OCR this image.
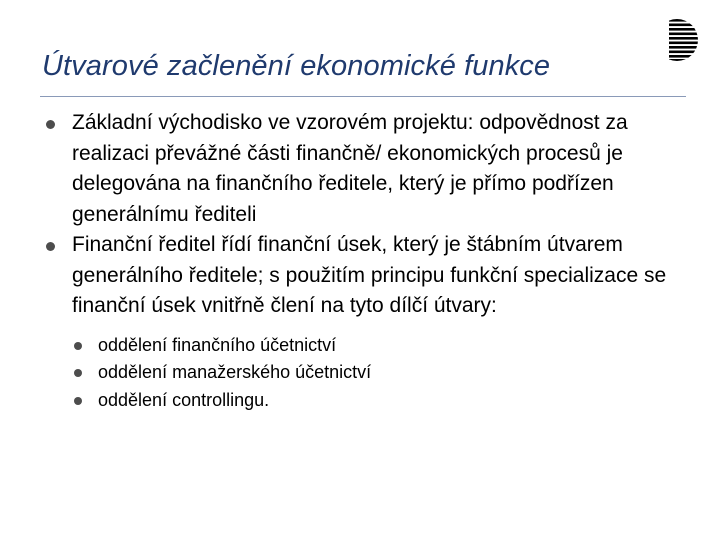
Útvarové začlenění ekonomické funkce
Základní východisko ve vzorovém projektu: odpovědnost za realizaci převážné části finančně/ ekonomických procesů je delegována na finančního ředitele, který je přímo podřízen generálnímu řediteli
Finanční ředitel řídí finanční úsek, který je štábním útvarem generálního ředitele; s použitím principu funkční specializace se finanční úsek vnitřně člení na tyto dílčí útvary:
oddělení finančního účetnictví
oddělení manažerského účetnictví
oddělení controllingu.
